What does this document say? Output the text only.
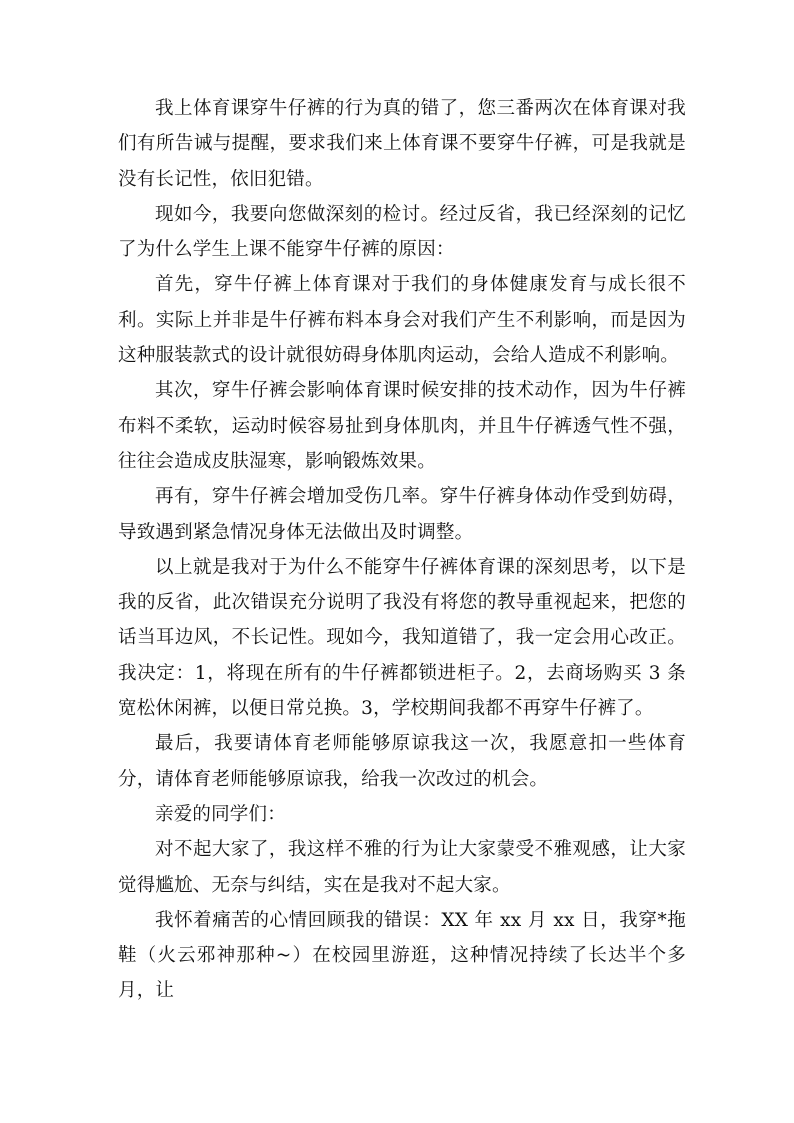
我上体育课穿牛仔裤的行为真的错了，您三番两次在体育课对我们有所告诫与提醒，要求我们来上体育课不要穿牛仔裤，可是我就是没有长记性，依旧犯错。

现如今，我要向您做深刻的检讨。经过反省，我已经深刻的记忆了为什么学生上课不能穿牛仔裤的原因：

首先，穿牛仔裤上体育课对于我们的身体健康发育与成长很不利。实际上并非是牛仔裤布料本身会对我们产生不利影响，而是因为这种服装款式的设计就很妨碍身体肌肉运动，会给人造成不利影响。

其次，穿牛仔裤会影响体育课时候安排的技术动作，因为牛仔裤布料不柔软，运动时候容易扯到身体肌肉，并且牛仔裤透气性不强，往往会造成皮肤湿寒，影响锻炼效果。

再有，穿牛仔裤会增加受伤几率。穿牛仔裤身体动作受到妨碍，导致遇到紧急情况身体无法做出及时调整。

以上就是我对于为什么不能穿牛仔裤体育课的深刻思考，以下是我的反省，此次错误充分说明了我没有将您的教导重视起来，把您的话当耳边风，不长记性。现如今，我知道错了，我一定会用心改正。我决定：1，将现在所有的牛仔裤都锁进柜子。2，去商场购买 3 条宽松休闲裤，以便日常兑换。3，学校期间我都不再穿牛仔裤了。

最后，我要请体育老师能够原谅我这一次，我愿意扣一些体育分，请体育老师能够原谅我，给我一次改过的机会。

亲爱的同学们：

对不起大家了，我这样不雅的行为让大家蒙受不雅观感，让大家觉得尴尬、无奈与纠结，实在是我对不起大家。

我怀着痛苦的心情回顾我的错误：XX 年 xx 月 xx 日，我穿*拖鞋（火云邪神那种~）在校园里游逛，这种情况持续了长达半个多月，让
